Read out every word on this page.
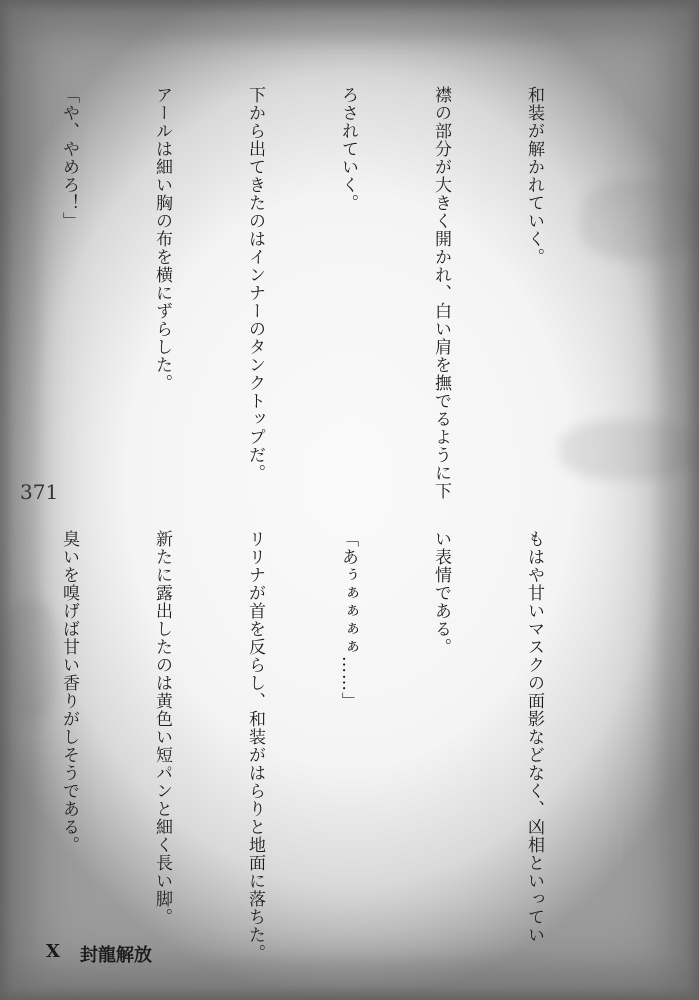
和装が解かれていく。

襟の部分が大きく開かれ、白い肩を撫でるように下

ろされていく。

下から出てきたのはインナーのタンクトップだ。

アールは細い胸の布を横にずらした。

「や、やめろ！」

371

もはや甘いマスクの面影などなく、凶相といってい

い表情である。

「あぅぁぁぁぁ……」

リリナが首を反らし、和装がはらりと地面に落ちた。

新たに露出したのは黄色い短パンと細く長い脚。

臭いを嗅げば甘い香りがしそうである。

X 封龍解放
